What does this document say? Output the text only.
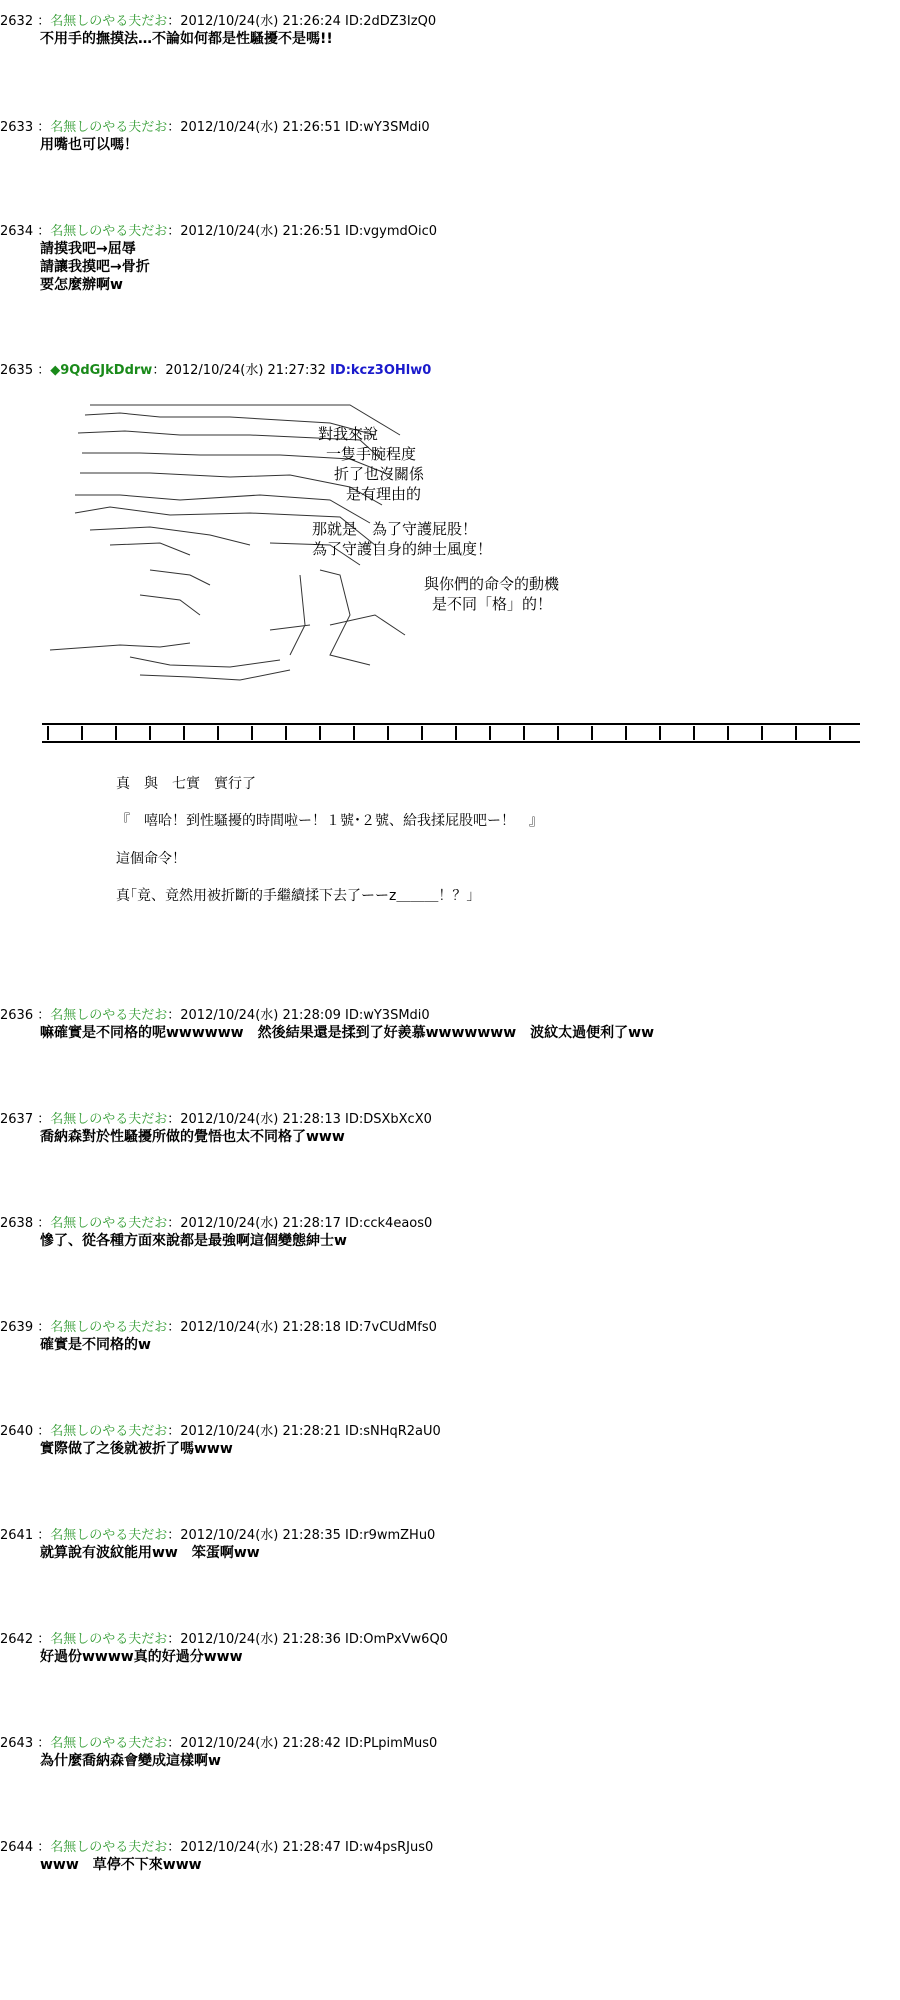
2632 ：名無しのやる夫だお：2012/10/24(水) 21:26:24 ID:2dDZ3IzQ0
不用手的撫摸法…不論如何都是性騷擾不是嗎!!
2633 ：名無しのやる夫だお：2012/10/24(水) 21:26:51 ID:wY3SMdi0
用嘴也可以嗎！
2634 ：名無しのやる夫だお：2012/10/24(水) 21:26:51 ID:vgymdOic0
請摸我吧→屈辱
請讓我摸吧→骨折
要怎麼辦啊w
2635 ：◆9QdGJkDdrw：2012/10/24(水) 21:27:32 ID:kcz3OHlw0
對我來說
一隻手腕程度
折了也沒關係
是有理由的
那就是　為了守護屁股！
為了守護自身的紳士風度！
與你們的命令的動機
是不同「格」的！
真　與　七實　實行了
『　嘻哈！到性騷擾的時間啦ー！１號･２號、給我揉屁股吧ー！　』
這個命令！
真｢竟、竟然用被折斷的手繼續揉下去了ーーz＿＿＿！？｣
2636 ：名無しのやる夫だお：2012/10/24(水) 21:28:09 ID:wY3SMdi0
嘛確實是不同格的呢wwwwww　然後結果還是揉到了好羨慕wwwwwww　波紋太過便利了ww
2637 ：名無しのやる夫だお：2012/10/24(水) 21:28:13 ID:DSXbXcX0
喬納森對於性騷擾所做的覺悟也太不同格了www
2638 ：名無しのやる夫だお：2012/10/24(水) 21:28:17 ID:cck4eaos0
慘了、從各種方面來說都是最強啊這個變態紳士w
2639 ：名無しのやる夫だお：2012/10/24(水) 21:28:18 ID:7vCUdMfs0
確實是不同格的w
2640 ：名無しのやる夫だお：2012/10/24(水) 21:28:21 ID:sNHqR2aU0
實際做了之後就被折了嗎www
2641 ：名無しのやる夫だお：2012/10/24(水) 21:28:35 ID:r9wmZHu0
就算說有波紋能用ww　笨蛋啊ww
2642 ：名無しのやる夫だお：2012/10/24(水) 21:28:36 ID:OmPxVw6Q0
好過份wwww真的好過分www
2643 ：名無しのやる夫だお：2012/10/24(水) 21:28:42 ID:PLpimMus0
為什麼喬納森會變成這樣啊w
2644 ：名無しのやる夫だお：2012/10/24(水) 21:28:47 ID:w4psRJus0
www　草停不下來www
